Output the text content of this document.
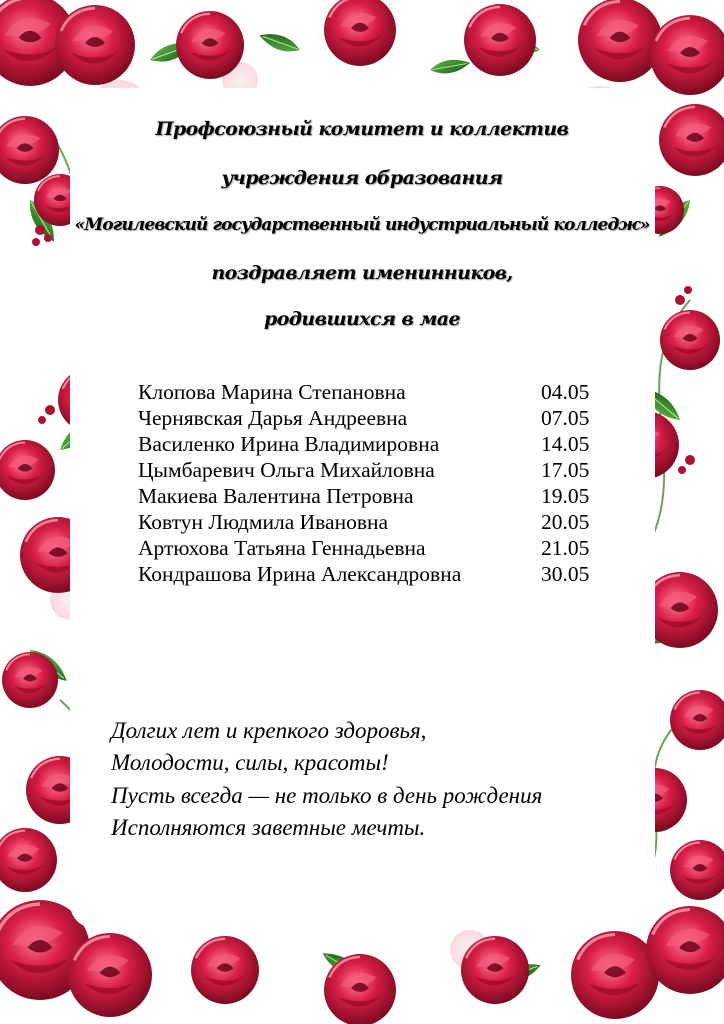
Профсоюзный комитет и коллектив
учреждения образования
«Могилевский государственный индустриальный колледж»
поздравляет именинников,
родившихся в мае
Клопова Марина Степановна	04.05
Чернявская Дарья Андреевна	07.05
Василенко Ирина Владимировна	14.05
Цымбаревич Ольга Михайловна	17.05
Макиева Валентина Петровна	19.05
Ковтун Людмила Ивановна	20.05
Артюхова Татьяна Геннадьевна	21.05
Кондрашова Ирина Александровна	30.05
Долгих лет и крепкого здоровья,
Молодости, силы, красоты!
Пусть всегда — не только в день рождения
Исполняются заветные мечты.
